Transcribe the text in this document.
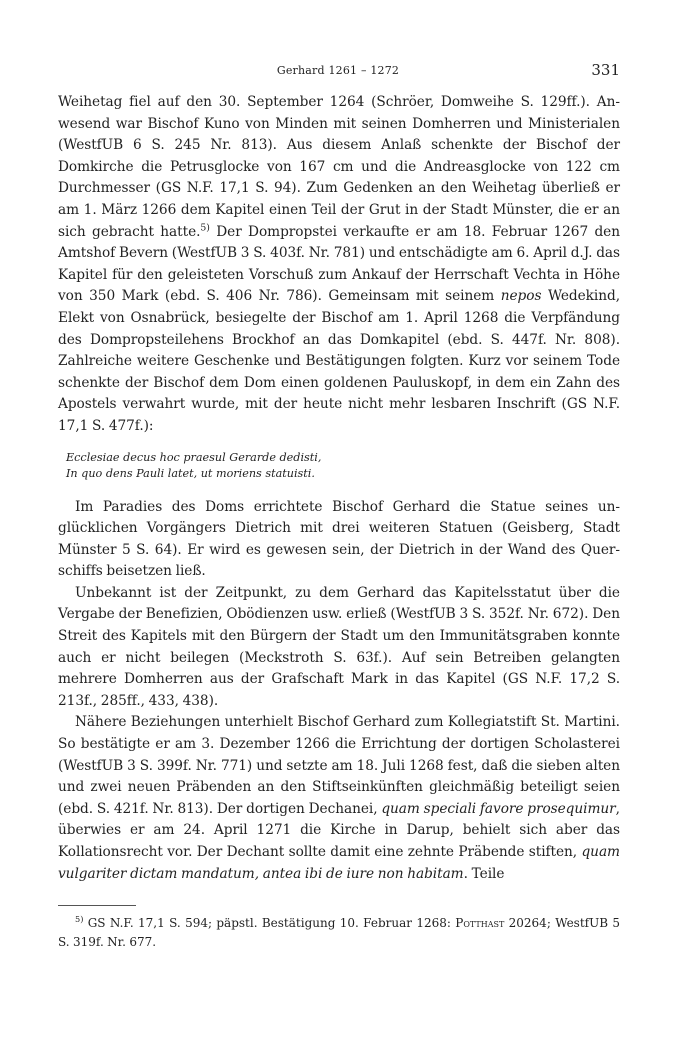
Gerhard 1261 – 1272	331

Weihetag fiel auf den 30. September 1264 (Schröer, Domweihe S. 129ff.). Anwesend war Bischof Kuno von Minden mit seinen Domherren und Ministerialen (WestfUB 6 S. 245 Nr. 813). Aus diesem Anlaß schenkte der Bischof der Domkirche die Petrusglocke von 167 cm und die Andreasglocke von 122 cm Durchmesser (GS N.F. 17,1 S. 94). Zum Gedenken an den Weihetag überließ er am 1. März 1266 dem Kapitel einen Teil der Grut in der Stadt Münster, die er an sich gebracht hatte.$^{5)}$ Der Dompropstei verkaufte er am 18. Februar 1267 den Amtshof Bevern (WestfUB 3 S. 403f. Nr. 781) und entschädigte am 6. April d.J. das Kapitel für den geleisteten Vorschuß zum Ankauf der Herrschaft Vechta in Höhe von 350 Mark (ebd. S. 406 Nr. 786). Gemeinsam mit seinem nepos Wedekind, Elekt von Osnabrück, besiegelte der Bischof am 1. April 1268 die Verpfändung des Dompropsteilehens Brockhof an das Domkapitel (ebd. S. 447f. Nr. 808). Zahlreiche weitere Geschenke und Bestätigungen folgten. Kurz vor seinem Tode schenkte der Bischof dem Dom einen goldenen Pauluskopf, in dem ein Zahn des Apostels verwahrt wurde, mit der heute nicht mehr lesbaren Inschrift (GS N.F. 17,1 S. 477f.):

Ecclesiae decus hoc praesul Gerarde dedisti,
In quo dens Pauli latet, ut moriens statuisti.

Im Paradies des Doms errichtete Bischof Gerhard die Statue seines unglücklichen Vorgängers Dietrich mit drei weiteren Statuen (Geisberg, Stadt Münster 5 S. 64). Er wird es gewesen sein, der Dietrich in der Wand des Querschiffs beisetzen ließ.

Unbekannt ist der Zeitpunkt, zu dem Gerhard das Kapitelsstatut über die Vergabe der Benefizien, Obödienzen usw. erließ (WestfUB 3 S. 352f. Nr. 672). Den Streit des Kapitels mit den Bürgern der Stadt um den Immunitätsgraben konnte auch er nicht beilegen (Meckstroth S. 63f.). Auf sein Betreiben gelangten mehrere Domherren aus der Grafschaft Mark in das Kapitel (GS N.F. 17,2 S. 213f., 285ff., 433, 438).

Nähere Beziehungen unterhielt Bischof Gerhard zum Kollegiatstift St. Martini. So bestätigte er am 3. Dezember 1266 die Errichtung der dortigen Scholasterei (WestfUB 3 S. 399f. Nr. 771) und setzte am 18. Juli 1268 fest, daß die sieben alten und zwei neuen Präbenden an den Stiftseinkünften gleichmäßig beteiligt seien (ebd. S. 421f. Nr. 813). Der dortigen Dechanei, quam speciali favore prosequimur, überwies er am 24. April 1271 die Kirche in Darup, behielt sich aber das Kollationsrecht vor. Der Dechant sollte damit eine zehnte Präbende stiften, quam vulgariter dictam mandatum, antea ibi de iure non habitam. Teile

$^{5)}$ GS N.F. 17,1 S. 594; päpstl. Bestätigung 10. Februar 1268: Potthast 20264; WestfUB 5 S. 319f. Nr. 677.
